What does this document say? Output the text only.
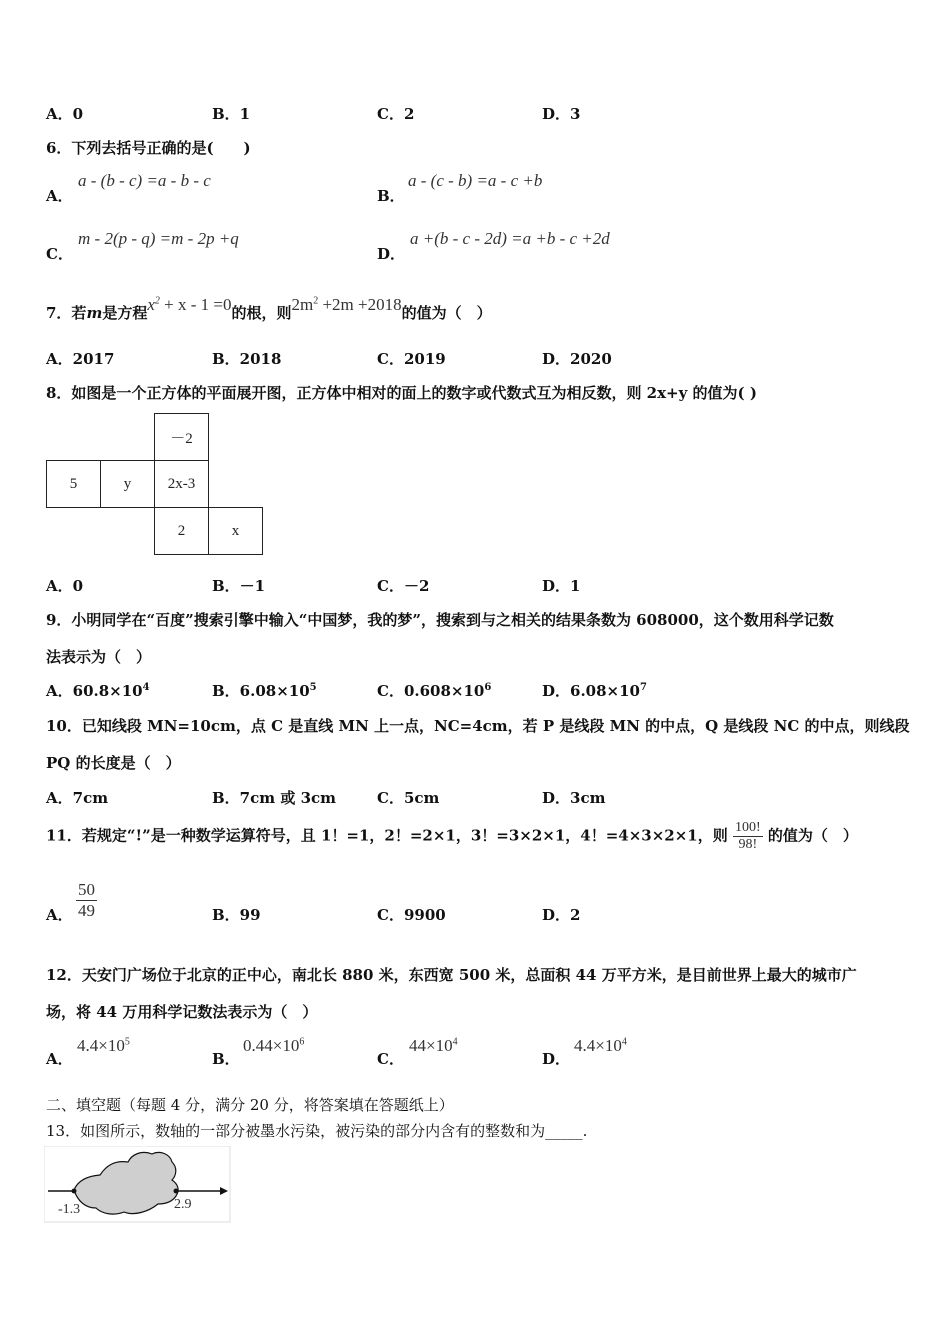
A．0	B．1	C．2	D．3
6．下列去括号正确的是(　　)
A．
a - (b - c) =a - b - c
B．
a - (c - b) =a - c +b
C．
m - 2(p - q) =m - 2p +q
D．
a +(b - c - 2d) =a +b - c +2d
7．若m是方程$x^2 + x - 1 =0$的根，则$2m^2 +2m +2018$的值为（　）
A．2017	B．2018	C．2019	D．2020
8．如图是一个正方体的平面展开图，正方体中相对的面上的数字或代数式互为相反数，则 2x+y 的值为( )
－2
5	y	2x-3
2	x
A．0	B．－1	C．－2	D．1
9．小明同学在“百度”搜索引擎中输入“中国梦，我的梦”，搜索到与之相关的结果条数为 608000，这个数用科学记数
法表示为（　）
A．$60.8\times 10^4$	B．$6.08\times 10^5$	C．$0.608\times 10^6$	D．$6.08\times 10^7$
10．已知线段 MN=10cm，点 C 是直线 MN 上一点，NC=4cm，若 P 是线段 MN 的中点，Q 是线段 NC 的中点，则线段
PQ 的长度是（　）
A．7cm	B．7cm 或 3cm	C．5cm	D．3cm
11．若规定“!”是一种数学运算符号，且 1！=1，2！=2×1，3！=3×2×1，4！=4×3×2×1，则 $\frac{100!}{98!}$ 的值为（　）
A． $\frac{50}{49}$	B．99	C．9900	D．2
12．天安门广场位于北京的正中心，南北长 880 米，东西宽 500 米，总面积 44 万平方米，是目前世界上最大的城市广
场，将 44 万用科学记数法表示为（　）
A．
$4.4\times 10^5$
B．
$0.44\times 10^6$
C．
$44\times 10^4$
D．
$4.4\times 10^4$
二、填空题（每题 4 分，满分 20 分，将答案填在答题纸上）
13．如图所示，数轴的一部分被墨水污染，被污染的部分内含有的整数和为_____.
-1.3	2.9
